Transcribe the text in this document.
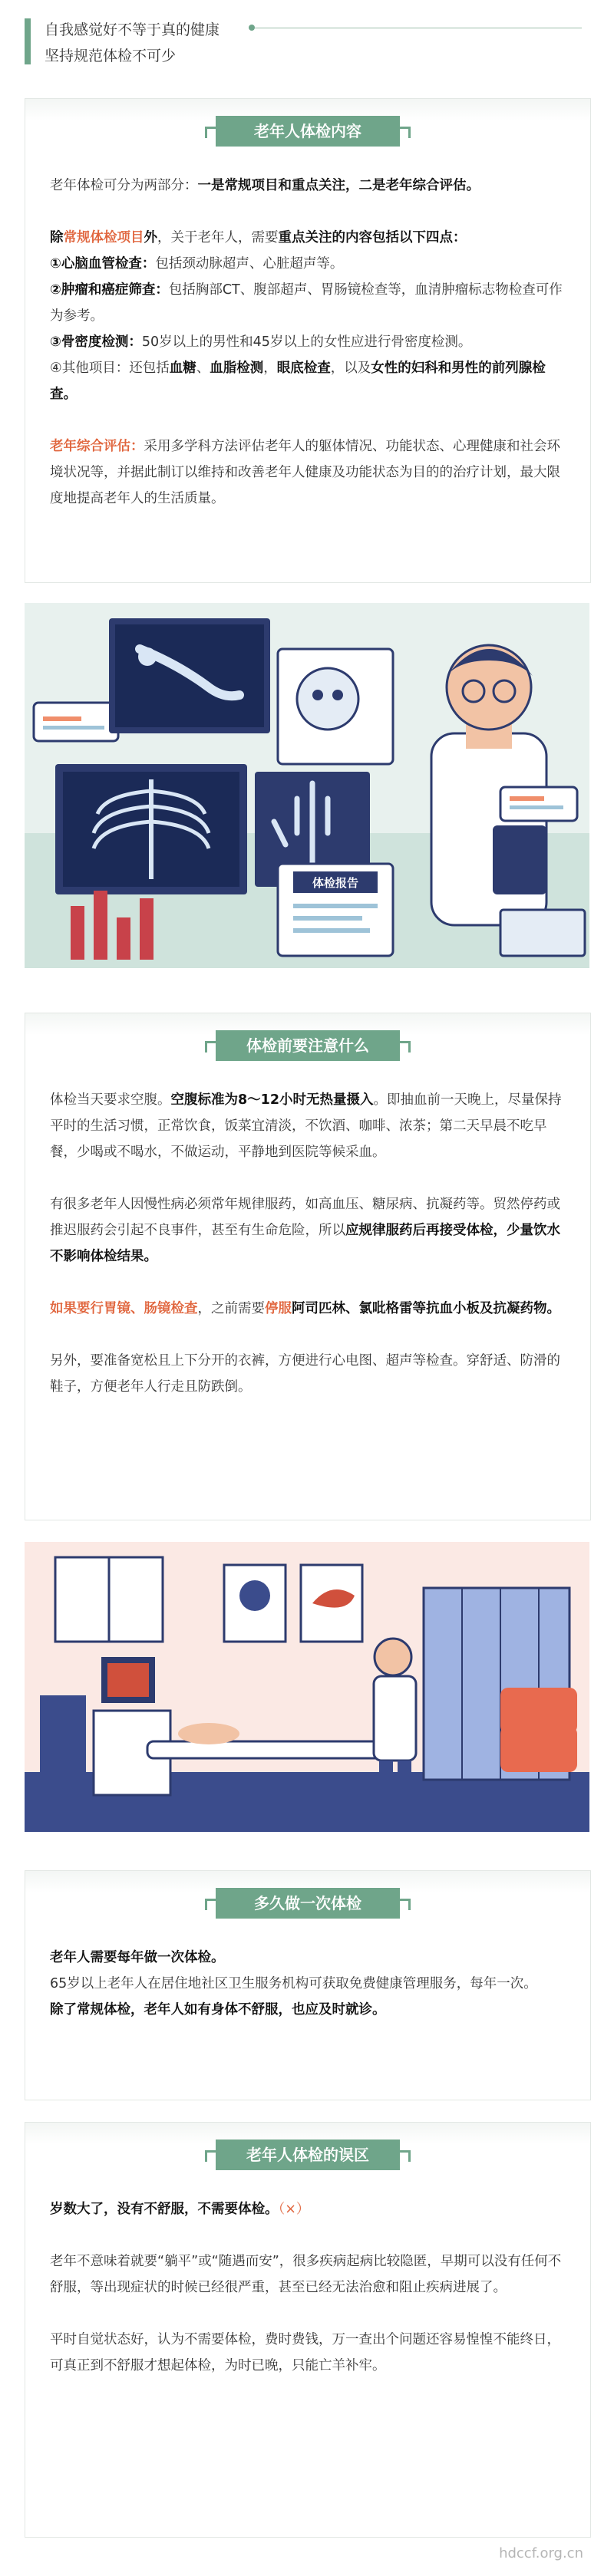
自我感觉好不等于真的健康
坚持规范体检不可少
老年人体检内容

老年体检可分为两部分：一是常规项目和重点关注，二是老年综合评估。

除常规体检项目外，关于老年人，需要重点关注的内容包括以下四点：

①心脑血管检查：包括颈动脉超声、心脏超声等。

②肿瘤和癌症筛查：包括胸部CT、腹部超声、胃肠镜检查等，血清肿瘤标志物检查可作为参考。

③骨密度检测：50岁以上的男性和45岁以上的女性应进行骨密度检测。

④其他项目：还包括血糖、血脂检测，眼底检查，以及女性的妇科和男性的前列腺检查。

老年综合评估：采用多学科方法评估老年人的躯体情况、功能状态、心理健康和社会环境状况等，并据此制订以维持和改善老年人健康及功能状态为目的的治疗计划，最大限度地提高老年人的生活质量。

体检报告
体检前要注意什么

体检当天要求空腹。空腹标准为8～12小时无热量摄入。即抽血前一天晚上，尽量保持平时的生活习惯，正常饮食，饭菜宜清淡，不饮酒、咖啡、浓茶；第二天早晨不吃早餐，少喝或不喝水，不做运动，平静地到医院等候采血。

有很多老年人因慢性病必须常年规律服药，如高血压、糖尿病、抗凝药等。贸然停药或推迟服药会引起不良事件，甚至有生命危险，所以应规律服药后再接受体检，少量饮水不影响体检结果。

如果要行胃镜、肠镜检查，之前需要停服阿司匹林、氯吡格雷等抗血小板及抗凝药物。

另外，要准备宽松且上下分开的衣裤，方便进行心电图、超声等检查。穿舒适、防滑的鞋子，方便老年人行走且防跌倒。

多久做一次体检

老年人需要每年做一次体检。

65岁以上老年人在居住地社区卫生服务机构可获取免费健康管理服务，每年一次。

除了常规体检，老年人如有身体不舒服，也应及时就诊。

老年人体检的误区

岁数大了，没有不舒服，不需要体检。（×）

老年不意味着就要“躺平”或“随遇而安”，很多疾病起病比较隐匿，早期可以没有任何不舒服，等出现症状的时候已经很严重，甚至已经无法治愈和阻止疾病进展了。

平时自觉状态好，认为不需要体检，费时费钱，万一查出个问题还容易惶惶不能终日，可真正到不舒服才想起体检，为时已晚，只能亡羊补牢。

hdccf.org.cn
